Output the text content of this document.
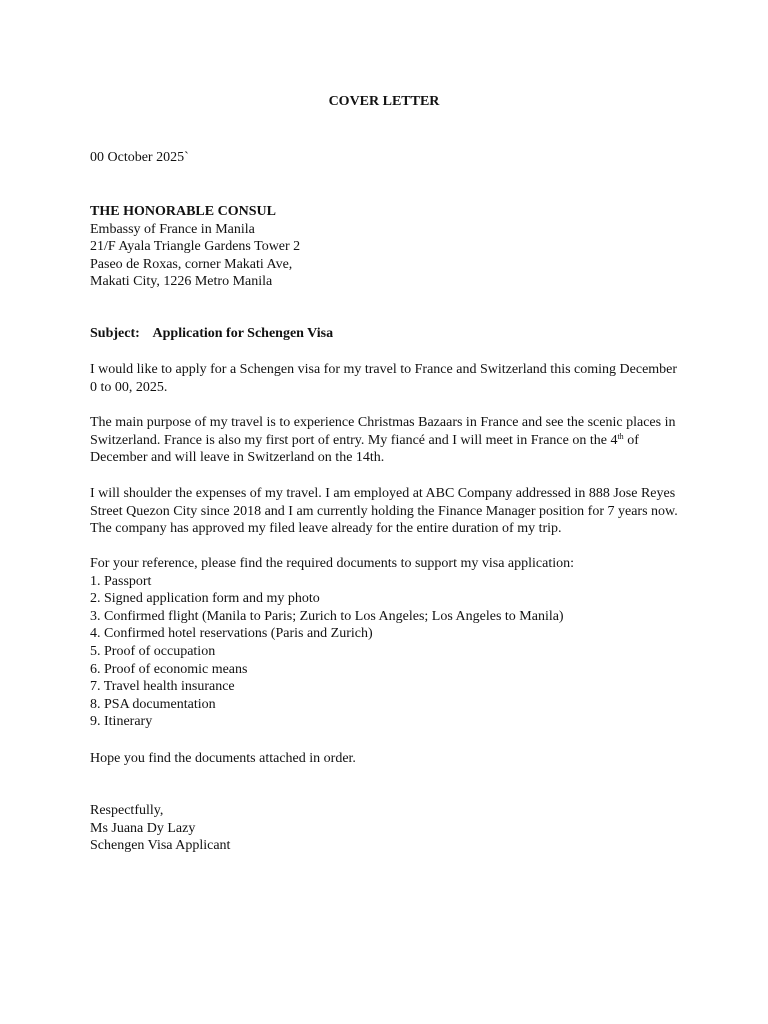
COVER LETTER

00 October 2025`

THE HONORABLE CONSUL
Embassy of France in Manila
21/F Ayala Triangle Gardens Tower 2
Paseo de Roxas, corner Makati Ave,
Makati City, 1226 Metro Manila
Subject: Application for Schengen Visa
I would like to apply for a Schengen visa for my travel to France and Switzerland this coming December
0 to 00, 2025.
The main purpose of my travel is to experience Christmas Bazaars in France and see the scenic places in
Switzerland. France is also my first port of entry. My fiancé and I will meet in France on the 4th of
December and will leave in Switzerland on the 14th.
I will shoulder the expenses of my travel. I am employed at ABC Company addressed in 888 Jose Reyes
Street Quezon City since 2018 and I am currently holding the Finance Manager position for 7 years now.
The company has approved my filed leave already for the entire duration of my trip.
For your reference, please find the required documents to support my visa application:
1. Passport
2. Signed application form and my photo
3. Confirmed flight (Manila to Paris; Zurich to Los Angeles; Los Angeles to Manila)
4. Confirmed hotel reservations (Paris and Zurich)
5. Proof of occupation
6. Proof of economic means
7. Travel health insurance
8. PSA documentation
9. Itinerary

Hope you find the documents attached in order.

Respectfully,
Ms Juana Dy Lazy
Schengen Visa Applicant
